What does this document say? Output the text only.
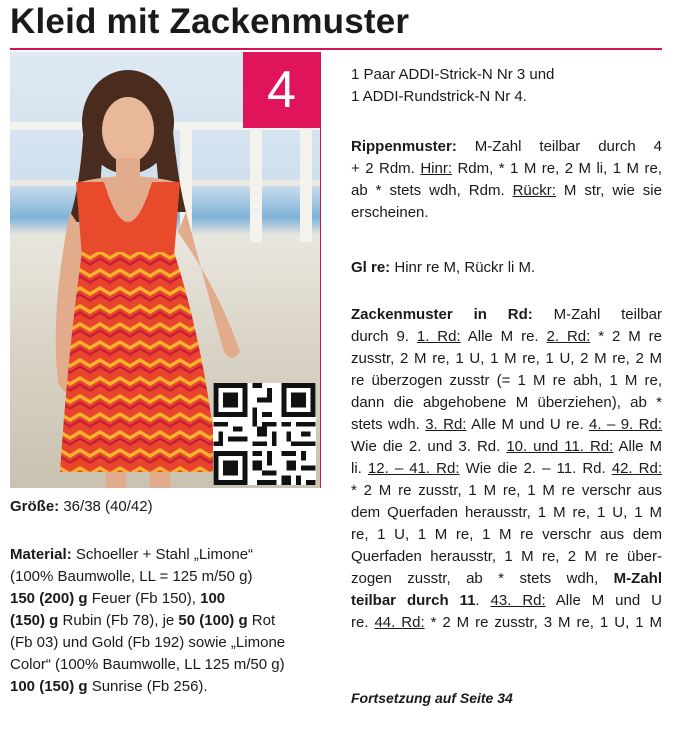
Kleid mit Zackenmuster
4
Größe: 36/38 (40/42)
Material: Schoeller + Stahl „Limone“
(100% Baumwolle, LL = 125 m/50 g)
150 (200) g Feuer (Fb 150), 100
(150) g Rubin (Fb 78), je 50 (100) g Rot
(Fb 03) und Gold (Fb 192) sowie „Limone
Color“ (100% Baumwolle, LL 125 m/50 g)
100 (150) g Sunrise (Fb 256).
1 Paar ADDI-Strick-N Nr 3 und
1 ADDI-Rundstrick-N Nr 4.
Rippenmuster: M-Zahl teilbar durch 4
+ 2 Rdm. Hinr: Rdm, * 1 M re, 2 M li, 1 M re,
ab * stets wdh, Rdm. Rückr: M str, wie sie
erscheinen.
Gl re: Hinr re M, Rückr li M.
Zackenmuster in Rd: M-Zahl teilbar
durch 9. 1. Rd: Alle M re. 2. Rd: * 2 M re
zusstr, 2 M re, 1 U, 1 M re, 1 U, 2 M re, 2 M
re überzogen zusstr (= 1 M re abh, 1 M re,
dann die abgehobene M überziehen), ab *
stets wdh. 3. Rd: Alle M und U re. 4. – 9. Rd:
Wie die 2. und 3. Rd. 10. und 11. Rd: Alle M
li. 12. – 41. Rd: Wie die 2. – 11. Rd. 42. Rd:
* 2 M re zusstr, 1 M re, 1 M re verschr aus
dem Querfaden herausstr, 1 M re, 1 U, 1 M
re, 1 U, 1 M re, 1 M re verschr aus dem
Querfaden herausstr, 1 M re, 2 M re über-
zogen zusstr, ab * stets wdh, M-Zahl
teilbar durch 11. 43. Rd: Alle M und U
re. 44. Rd: * 2 M re zusstr, 3 M re, 1 U, 1 M
Fortsetzung auf Seite 34
